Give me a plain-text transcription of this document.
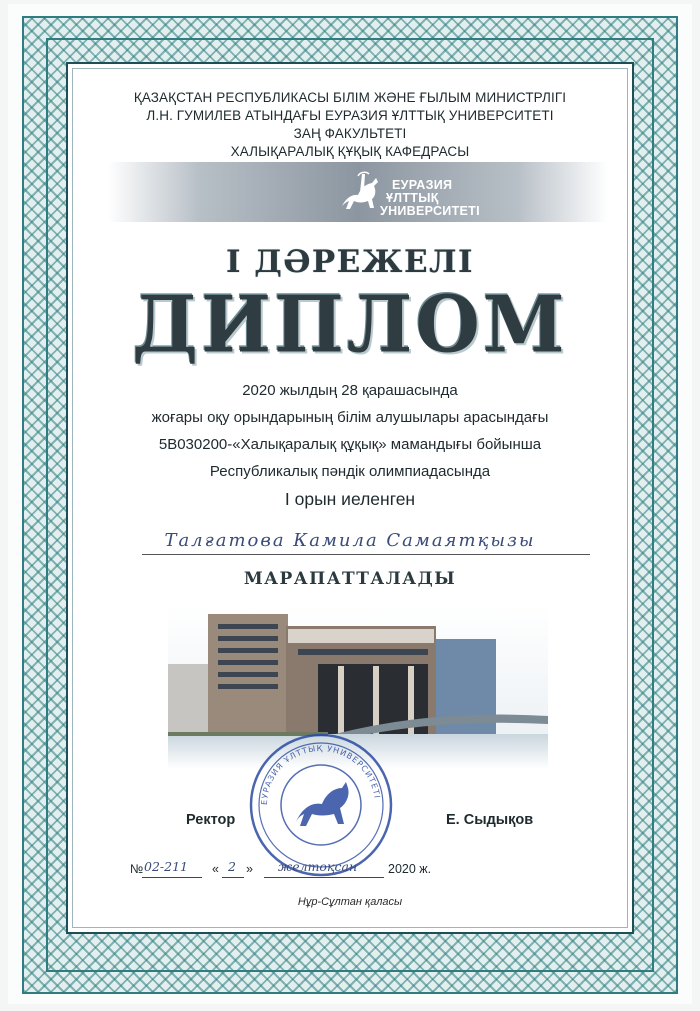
ҚАЗАҚСТАН РЕСПУБЛИКАСЫ БІЛІМ ЖӘНЕ ҒЫЛЫМ МИНИСТРЛІГІ
Л.Н. ГУМИЛЕВ АТЫНДАҒЫ ЕУРАЗИЯ ҰЛТТЫҚ УНИВЕРСИТЕТІ
ЗАҢ ФАКУЛЬТЕТІ
ХАЛЫҚАРАЛЫҚ ҚҰҚЫҚ КАФЕДРАСЫ
ЕУРАЗИЯ
ҰЛТТЫҚ
УНИВЕРСИТЕТІ
I ДӘРЕЖЕЛІ
ДИПЛОМ
2020 жылдың 28 қарашасында
жоғары оқу орындарының білім алушылары арасындағы
5В030200-«Халықаралық құқық» мамандығы бойынша
Республикалық пәндік олимпиадасында
I орын иеленген
Талғатова Камила Самаятқызы
МАРАПАТТАЛАДЫ
Ректор	Е. Сыдықов
ЕУРАЗИЯ ҰЛТТЫҚ УНИВЕРСИТЕТІ
№ 02-211 « 2 » желтоқсан 2020 ж.
Нұр-Сұлтан қаласы
